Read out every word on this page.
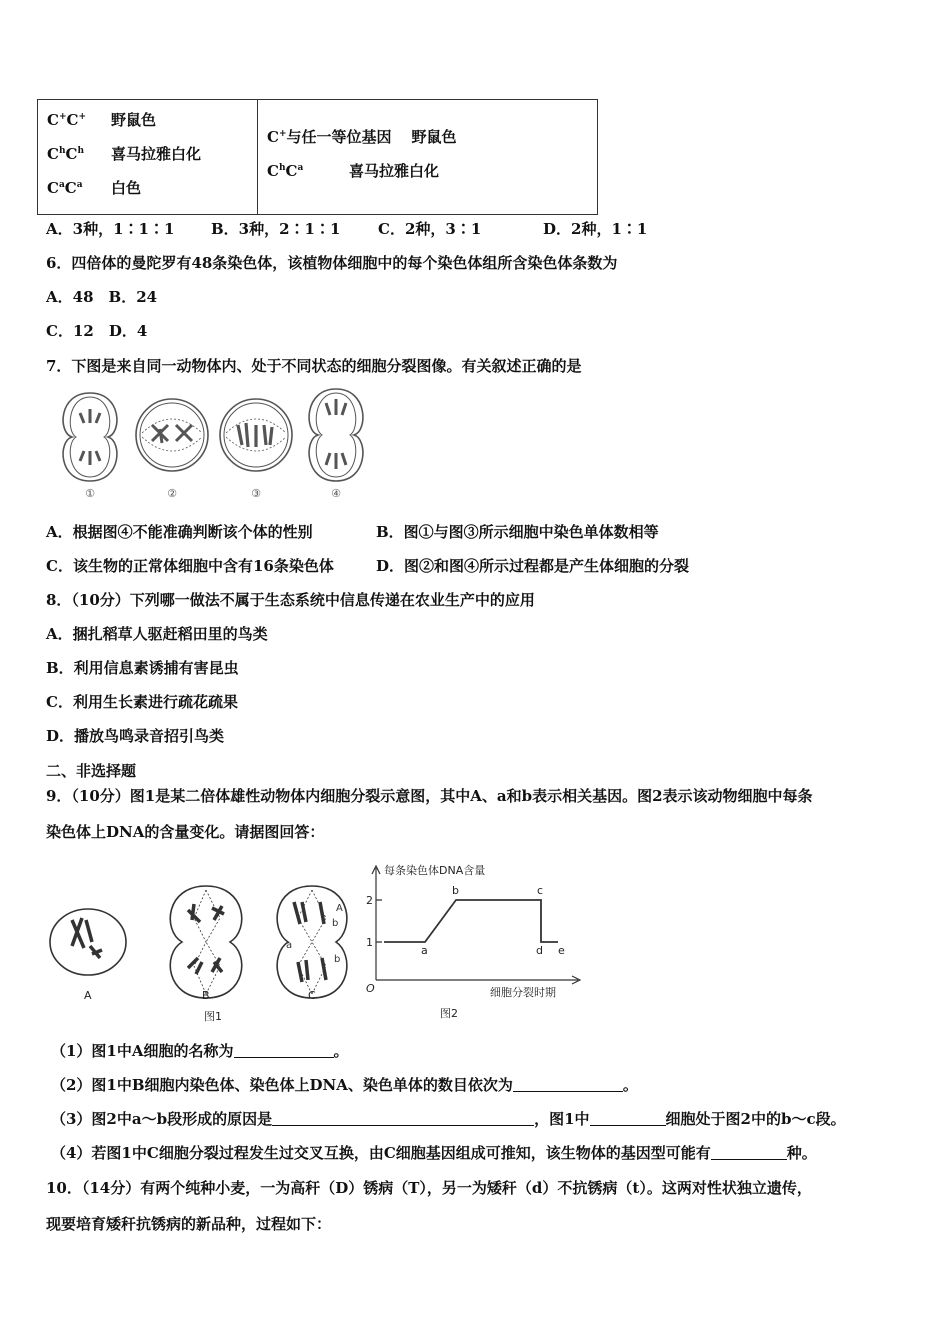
C+C+ 野鼠色
$C^hC^h$ 喜马拉雅白化
$C^aC^a$ 白色
C+与任一等位基因 野鼠色
$C^hC^a$	喜马拉雅白化
A．3种，1∶1∶1 B．3种，2∶1∶1	C．2种，3∶1	D．2种，1∶1
6．四倍体的曼陀罗有48条染色体，该植物体细胞中的每个染色体组所含染色体条数为
A．48　B．24
C．12　D．4
7．下图是来自同一动物体内、处于不同状态的细胞分裂图像。有关叙述正确的是
①	②	③	④
A．根据图④不能准确判断该个体的性别	B．图①与图③所示细胞中染色单体数相等
C．该生物的正常体细胞中含有16条染色体	D．图②和图④所示过程都是产生体细胞的分裂
8．（10分）下列哪一做法不属于生态系统中信息传递在农业生产中的应用
A．捆扎稻草人驱赶稻田里的鸟类
B．利用信息素诱捕有害昆虫
C．利用生长素进行疏花疏果
D．播放鸟鸣录音招引鸟类
二、非选择题
9．（10分）图1是某二倍体雄性动物体内细胞分裂示意图，其中A、a和b表示相关基因。图2表示该动物细胞中每条
染色体上DNA的含量变化。请据图回答：
A
a
b
b
A	B	C
图1	图2
每条染色体DNA含量
细胞分裂时期
O
1
2
a
b	c
d e
（1）图1中A细胞的名称为	。
（2）图1中B细胞内染色体、染色体上DNA、染色单体的数目依次为	。
（3）图2中a～b段形成的原因是	，图1中	细胞处于图2中的b～c段。
（4）若图1中C细胞分裂过程发生过交叉互换，由C细胞基因组成可推知，该生物体的基因型可能有	种。
10．（14分）有两个纯种小麦，一为高秆（D）锈病（T），另一为矮秆（d）不抗锈病（t）。这两对性状独立遗传，
现要培育矮秆抗锈病的新品种，过程如下：
